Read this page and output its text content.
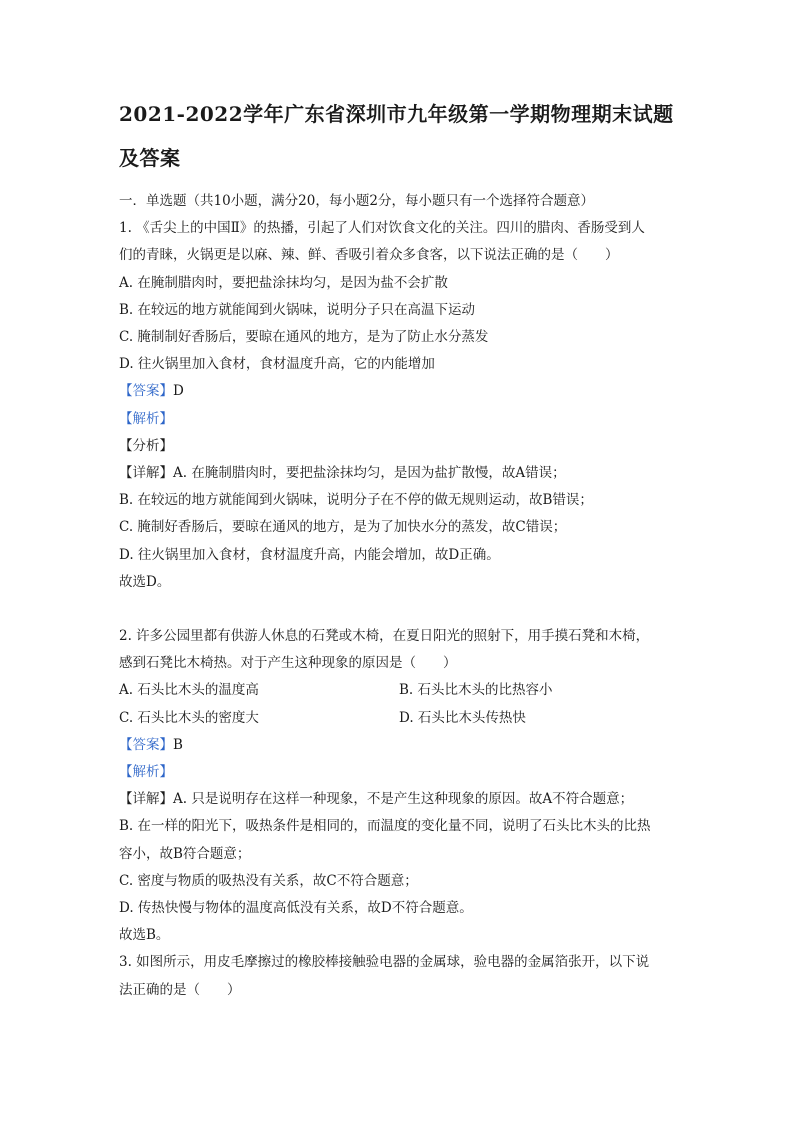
2021-2022学年广东省深圳市九年级第一学期物理期末试题
及答案
一．单选题（共10小题，满分20，每小题2分，每小题只有一个选择符合题意）
1. 《舌尖上的中国Ⅱ》的热播，引起了人们对饮食文化的关注。四川的腊肉、香肠受到人
们的青睐，火锅更是以麻、辣、鲜、香吸引着众多食客，以下说法正确的是（　　）
A. 在腌制腊肉时，要把盐涂抹均匀，是因为盐不会扩散
B. 在较远的地方就能闻到火锅味，说明分子只在高温下运动
C. 腌制制好香肠后，要晾在通风的地方，是为了防止水分蒸发
D. 往火锅里加入食材，食材温度升高，它的内能增加
【答案】D
【解析】
【分析】
【详解】A. 在腌制腊肉时，要把盐涂抹均匀，是因为盐扩散慢，故A错误；
B. 在较远的地方就能闻到火锅味，说明分子在不停的做无规则运动，故B错误；
C. 腌制好香肠后，要晾在通风的地方，是为了加快水分的蒸发，故C错误；
D. 往火锅里加入食材，食材温度升高，内能会增加，故D正确。
故选D。
2. 许多公园里都有供游人休息的石凳或木椅，在夏日阳光的照射下，用手摸石凳和木椅，
感到石凳比木椅热。对于产生这种现象的原因是（　　）
A. 石头比木头的温度高	B. 石头比木头的比热容小
C. 石头比木头的密度大	D. 石头比木头传热快
【答案】B
【解析】
【详解】A. 只是说明存在这样一种现象，不是产生这种现象的原因。故A不符合题意；
B. 在一样的阳光下，吸热条件是相同的，而温度的变化量不同，说明了石头比木头的比热
容小，故B符合题意；
C. 密度与物质的吸热没有关系，故C不符合题意；
D. 传热快慢与物体的温度高低没有关系，故D不符合题意。
故选B。
3. 如图所示，用皮毛摩擦过的橡胶棒接触验电器的金属球，验电器的金属箔张开，以下说
法正确的是（　　）
